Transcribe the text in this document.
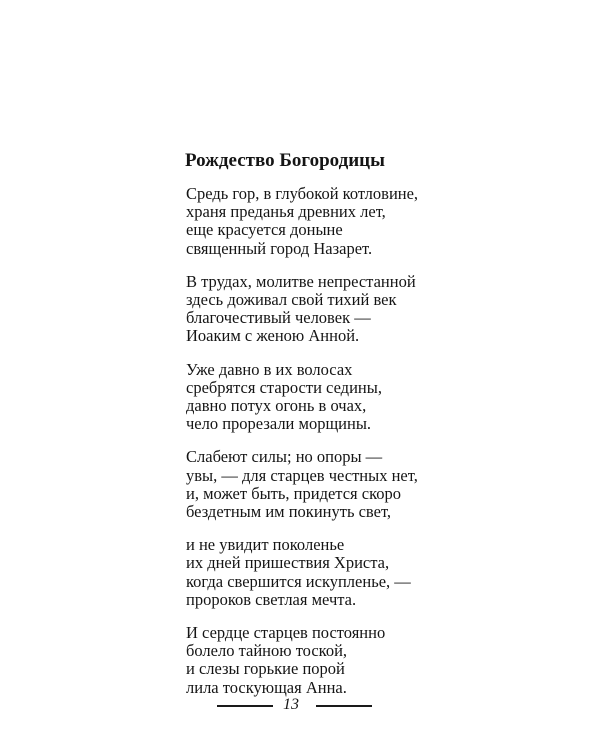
Рождество Богородицы

Средь гор, в глубокой котловине,
храня преданья древних лет,
еще красуется доныне
священный город Назарет.

В трудах, молитве непрестанной
здесь доживал свой тихий век
благочестивый человек —
Иоаким с женою Анной.

Уже давно в их волосах
сребрятся старости седины,
давно потух огонь в очах,
чело прорезали морщины.

Слабеют силы; но опоры —
увы, — для старцев честных нет,
и, может быть, придется скоро
бездетным им покинуть свет,

и не увидит поколенье
их дней пришествия Христа,
когда свершится искупленье, —
пророков светлая мечта.

И сердце старцев постоянно
болело тайною тоской,
и слезы горькие порой
лила тоскующая Анна.

13
